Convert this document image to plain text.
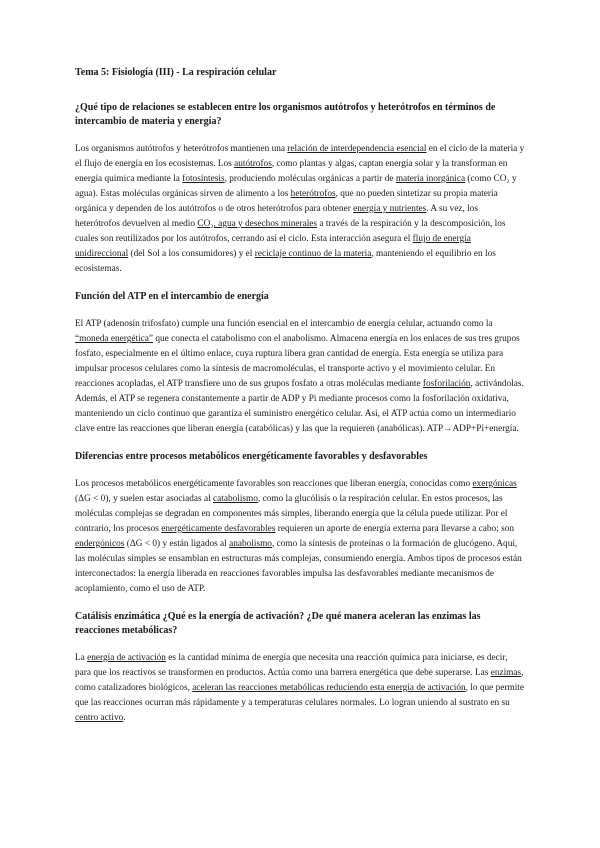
Tema 5: Fisiología (III) - La respiración celular
¿Qué tipo de relaciones se establecen entre los organismos autótrofos y heterótrofos en términos de intercambio de materia y energía?

Los organismos autótrofos y heterótrofos mantienen una relación de interdependencia esencial en el ciclo de la materia y el flujo de energía en los ecosistemas. Los autótrofos, como plantas y algas, captan energía solar y la transforman en energía química mediante la fotosíntesis, produciendo moléculas orgánicas a partir de materia inorgánica (como CO₂ y agua). Estas moléculas orgánicas sirven de alimento a los heterótrofos, que no pueden sintetizar su propia materia orgánica y dependen de los autótrofos o de otros heterótrofos para obtener energía y nutrientes. A su vez, los heterótrofos devuelven al medio CO₂, agua y desechos minerales a través de la respiración y la descomposición, los cuales son reutilizados por los autótrofos, cerrando así el ciclo. Esta interacción asegura el flujo de energía unidireccional (del Sol a los consumidores) y el reciclaje continuo de la materia, manteniendo el equilibrio en los ecosistemas.

Función del ATP en el intercambio de energía

El ATP (adenosín trifosfato) cumple una función esencial en el intercambio de energía celular, actuando como la “moneda energética” que conecta el catabolismo con el anabolismo. Almacena energía en los enlaces de sus tres grupos fosfato, especialmente en el último enlace, cuya ruptura libera gran cantidad de energía. Esta energía se utiliza para impulsar procesos celulares como la síntesis de macromoléculas, el transporte activo y el movimiento celular. En reacciones acopladas, el ATP transfiere uno de sus grupos fosfato a otras moléculas mediante fosforilación, activándolas. Además, el ATP se regenera constantemente a partir de ADP y Pi mediante procesos como la fosforilación oxidativa, manteniendo un ciclo continuo que garantiza el suministro energético celular. Así, el ATP actúa como un intermediario clave entre las reacciones que liberan energía (catabólicas) y las que la requieren (anabólicas). ATP→ADP+Pi+energía.

Diferencias entre procesos metabólicos energéticamente favorables y desfavorables

Los procesos metabólicos energéticamente favorables son reacciones que liberan energía, conocidas como exergónicas (ΔG < 0), y suelen estar asociadas al catabolismo, como la glucólisis o la respiración celular. En estos procesos, las moléculas complejas se degradan en componentes más simples, liberando energía que la célula puede utilizar. Por el contrario, los procesos energéticamente desfavorables requieren un aporte de energía externa para llevarse a cabo; son endergónicos (ΔG < 0) y están ligados al anabolismo, como la síntesis de proteínas o la formación de glucógeno. Aquí, las moléculas simples se ensamblan en estructuras más complejas, consumiendo energía. Ambos tipos de procesos están interconectados: la energía liberada en reacciones favorables impulsa las desfavorables mediante mecanismos de acoplamiento, como el uso de ATP.

Catálisis enzimática ¿Qué es la energía de activación? ¿De qué manera aceleran las enzimas las reacciones metabólicas?

La energía de activación es la cantidad mínima de energía que necesita una reacción química para iniciarse, es decir, para que los reactivos se transformen en productos. Actúa como una barrera energética que debe superarse. Las enzimas, como catalizadores biológicos, aceleran las reacciones metabólicas reduciendo esta energía de activación, lo que permite que las reacciones ocurran más rápidamente y a temperaturas celulares normales. Lo logran uniendo al sustrato en su centro activo.
